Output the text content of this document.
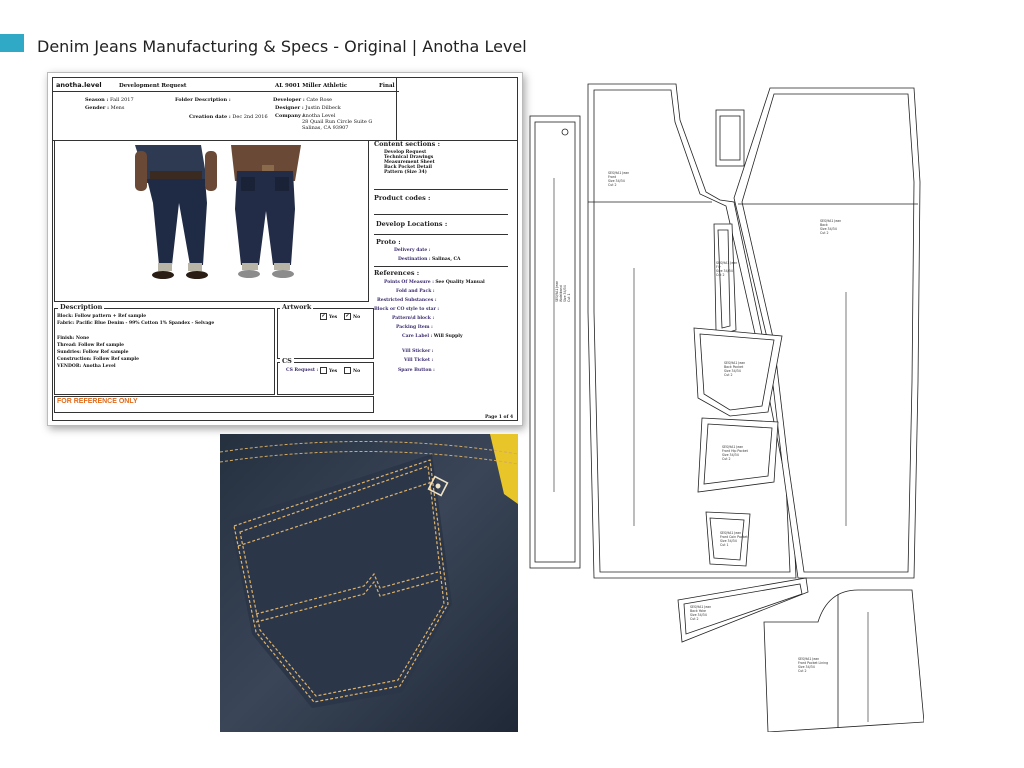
Denim Jeans Manufacturing & Specs - Original | Anotha Level
anotha.level	Development Request	AL 9001 Miller Athletic	Final
Season : Fall 2017
Gender : Mens
Folder Description :
Creation date : Dec 2nd 2016
Developer : Cate Rose
Designer : Justin Dilbeck
Company :
Anotha Level
28 Quail Run Circle Suite G
Salinas, CA 93907
Content sections :
Develop Request
Technical Drawings
Measurement Sheet
Back Pocket Detail
Pattern (Size 34)
Product codes :
Develop Locations :
Proto :
Delivery date :
Destination : Salinas, CA
References :
Points Of Measure : See Quality Manual
Fold and Pack :
Restricted Substances :
Block or CO style to star :
Pattern\d block :
Packing Item :
Care Label : Will Supply
Vill Sticker :
Vill Ticket :
Spare Button :
Description
Block: Follow pattern + Ref sample
Fabric: Pacific Blue Denim - 99% Cotton 1% Spandex - Selvage
Finish: None
Thread: Follow Ref sample
Sundries: Follow Ref sample
Construction: Follow Ref sample
VENDOR: Anotha Level
Artwork
✓ Yes ✓ No
CS
CS Request :	Yes	No
FOR REFERENCE ONLY
Page 1 of 4
SES/9A1 Jean
Front
Size 34/34
Cut 2
SES/9A1 Jean
Back
Size 34/34
Cut 2
SES/9A1 Jean
Fly
Size 34/34
Cut 2
SES/9A1 Jean
Back Pocket
Size 34/34
Cut 2
SES/9A1 Jean
Front Hip Pocket
Size 34/34
Cut 2
SES/9A1 Jean
Front Coin Pocket
Size 34/34
Cut 1
SES/9A1 Jean
Back Yoke
Size 34/34
Cut 2
SES/9A1 Jean
Front Pocket Lining
Size 34/34
Cut 2
SES/9A1 Jean Waistband Size 34/34 Cut 1
